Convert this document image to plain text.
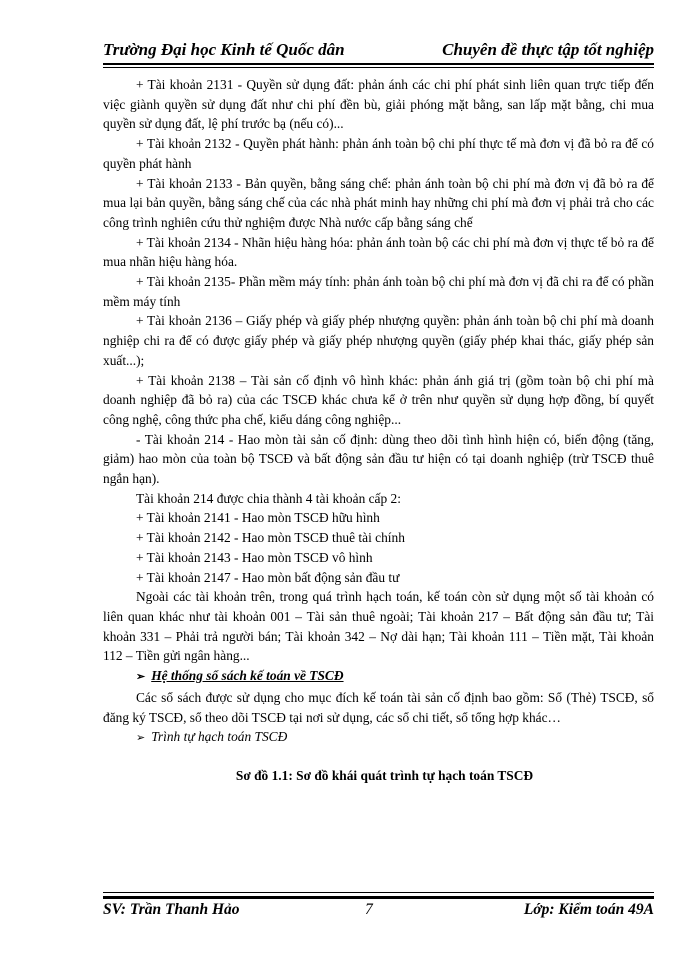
Trường Đại học Kinh tế Quốc dân	Chuyên đề thực tập tốt nghiệp

+ Tài khoản 2131 - Quyền sử dụng đất: phản ánh các chi phí phát sinh liên quan trực tiếp đến việc giành quyền sử dụng đất như chi phí đền bù, giải phóng mặt bằng, san lấp mặt bằng, chi mua quyền sử dụng đất, lệ phí trước bạ (nếu có)...

+ Tài khoản 2132 - Quyền phát hành: phản ánh toàn bộ chi phí thực tế mà đơn vị đã bỏ ra để có quyền phát hành

+ Tài khoản 2133 - Bản quyền, bằng sáng chế: phản ánh toàn bộ chi phí mà đơn vị đã bỏ ra để mua lại bản quyền, bằng sáng chế của các nhà phát minh hay những chi phí mà đơn vị phải trả cho các công trình nghiên cứu thử nghiệm được Nhà nước cấp bằng sáng chế

+ Tài khoản 2134 - Nhãn hiệu hàng hóa: phản ánh toàn bộ các chi phí mà đơn vị thực tế bỏ ra để mua nhãn hiệu hàng hóa.

+ Tài khoản 2135- Phần mềm máy tính: phản ánh toàn bộ chi phí mà đơn vị đã chi ra để có phần mềm máy tính

+ Tài khoản 2136 – Giấy phép và giấy phép nhượng quyền: phản ánh toàn bộ chi phí mà doanh nghiệp chi ra để có được giấy phép và giấy phép nhượng quyền (giấy phép khai thác, giấy phép sản xuất...);

+ Tài khoản 2138 – Tài sản cố định vô hình khác: phản ánh giá trị (gồm toàn bộ chi phí mà doanh nghiệp đã bỏ ra) của các TSCĐ khác chưa kể ở trên như quyền sử dụng hợp đồng, bí quyết công nghệ, công thức pha chế, kiểu dáng công nghiệp...

- Tài khoản 214 - Hao mòn tài sản cố định: dùng theo dõi tình hình hiện có, biến động (tăng, giảm) hao mòn của toàn bộ TSCĐ và bất động sản đầu tư hiện có tại doanh nghiệp (trừ TSCĐ thuê ngắn hạn).

Tài khoản 214 được chia thành 4 tài khoản cấp 2:

+ Tài khoản 2141 - Hao mòn TSCĐ hữu hình

+ Tài khoản 2142 - Hao mòn TSCĐ thuê tài chính

+ Tài khoản 2143 - Hao mòn TSCĐ vô hình

+ Tài khoản 2147 - Hao mòn bất động sản đầu tư

Ngoài các tài khoản trên, trong quá trình hạch toán, kế toán còn sử dụng một số tài khoản có liên quan khác như tài khoản 001 – Tài sản thuê ngoài; Tài khoản 217 – Bất động sản đầu tư; Tài khoản 331 – Phải trả người bán; Tài khoản 342 – Nợ dài hạn; Tài khoản 111 – Tiền mặt, Tài khoản 112 – Tiền gửi ngân hàng...

➢ Hệ thống sổ sách kế toán về TSCĐ

Các sổ sách được sử dụng cho mục đích kế toán tài sản cố định bao gồm: Sổ (Thẻ) TSCĐ, sổ đăng ký TSCĐ, sổ theo dõi TSCĐ tại nơi sử dụng, các sổ chi tiết, sổ tổng hợp khác…

➢ Trình tự hạch toán TSCĐ

Sơ đồ 1.1: Sơ đồ khái quát trình tự hạch toán TSCĐ

SV: Trần Thanh Hảo	7	Lớp: Kiểm toán 49A
